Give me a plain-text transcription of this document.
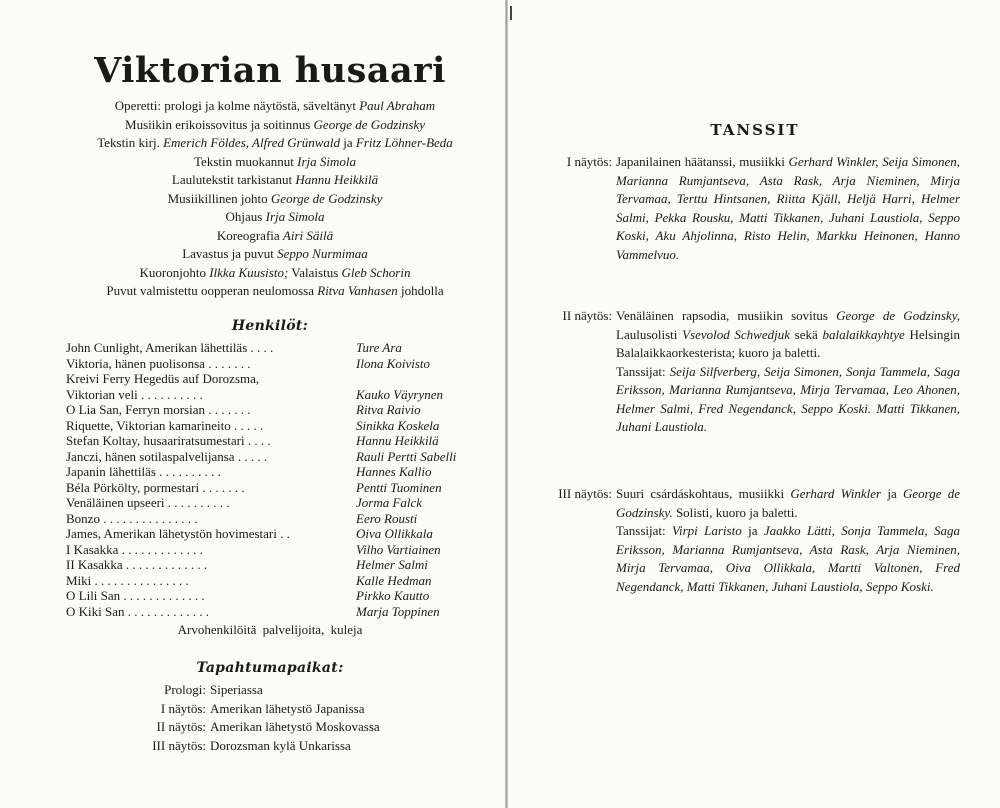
Viktorian husaari
Operetti: prologi ja kolme näytöstä, säveltänyt Paul Abraham
Musiikin erikoissovitus ja soitinnus George de Godzinsky
Tekstin kirj. Emerich Földes, Alfred Grünwald ja Fritz Löhner-Beda
Tekstin muokannut Irja Simola
Laulutekstit tarkistanut Hannu Heikkilä
Musiikillinen johto George de Godzinsky
Ohjaus Irja Simola
Koreografia Airi Säilä
Lavastus ja puvut Seppo Nurmimaa
Kuoronjohto Ilkka Kuusisto; Valaistus Gleb Schorin
Puvut valmistettu oopperan neulomossa Ritva Vanhasen johdolla
Henkilöt:
John Cunlight, Amerikan lähettiläs . . . .	Ture Ara
Viktoria, hänen puolisonsa . . . . . . .	Ilona Koivisto
Kreivi Ferry Hegedüs auf Dorozsma,
Viktorian veli . . . . . . . . . .	Kauko Väyrynen
O Lia San, Ferryn morsian . . . . . . .	Ritva Raivio
Riquette, Viktorian kamarineito . . . . .	Sinikka Koskela
Stefan Koltay, husaariratsumestari . . . .	Hannu Heikkilä
Janczi, hänen sotilaspalvelijansa . . . . .	Rauli Pertti Sabelli
Japanin lähettiläs . . . . . . . . . .	Hannes Kallio
Béla Pörkölty, pormestari . . . . . . .	Pentti Tuominen
Venäläinen upseeri . . . . . . . . . .	Jorma Falck
Bonzo . . . . . . . . . . . . . . .	Eero Rousti
James, Amerikan lähetystön hovimestari . .	Oiva Ollikkala
I Kasakka . . . . . . . . . . . . .	Vilho Vartiainen
II Kasakka . . . . . . . . . . . . .	Helmer Salmi
Miki . . . . . . . . . . . . . . .	Kalle Hedman
O Lili San . . . . . . . . . . . . .	Pirkko Kautto
O Kiki San . . . . . . . . . . . . .	Marja Toppinen
Arvohenkilöitä palvelijoita, kuleja
Tapahtumapaikat:
Prologi: Siperiassa
I näytös: Amerikan lähetystö Japanissa
II näytös: Amerikan lähetystö Moskovassa
III näytös: Dorozsman kylä Unkarissa
TANSSIT
I näytös: Japanilainen häätanssi, musiikki Gerhard Winkler, Seija Simonen, Marianna Rumjantseva, Asta Rask, Arja Nieminen, Mirja Tervamaa, Terttu Hintsanen, Riitta Kjäll, Heljä Harri, Helmer Salmi, Pekka Rousku, Matti Tikkanen, Juhani Laustiola, Seppo Koski, Aku Ahjolinna, Risto Helin, Markku Heinonen, Hanno Vammelvuo.
II näytös: Venäläinen rapsodia, musiikin sovitus George de Godzinsky, Laulusolisti Vsevolod Schwedjuk sekä balalaikkayhtye Helsingin Balalaikkaorkesterista; kuoro ja baletti.
Tanssijat: Seija Silfverberg, Seija Simonen, Sonja Tammela, Saga Eriksson, Marianna Rumjantseva, Mirja Tervamaa, Leo Ahonen, Helmer Salmi, Fred Negendanck, Seppo Koski. Matti Tikkanen, Juhani Laustiola.
III näytös: Suuri csárdáskohtaus, musiikki Gerhard Winkler ja George de Godzinsky. Solisti, kuoro ja baletti.
Tanssijat: Virpi Laristo ja Jaakko Lätti, Sonja Tammela, Saga Eriksson, Marianna Rumjantseva, Asta Rask, Arja Nieminen, Mirja Tervamaa, Oiva Ollikkala, Martti Valtonen, Fred Negendanck, Matti Tikkanen, Juhani Laustiola, Seppo Koski.
